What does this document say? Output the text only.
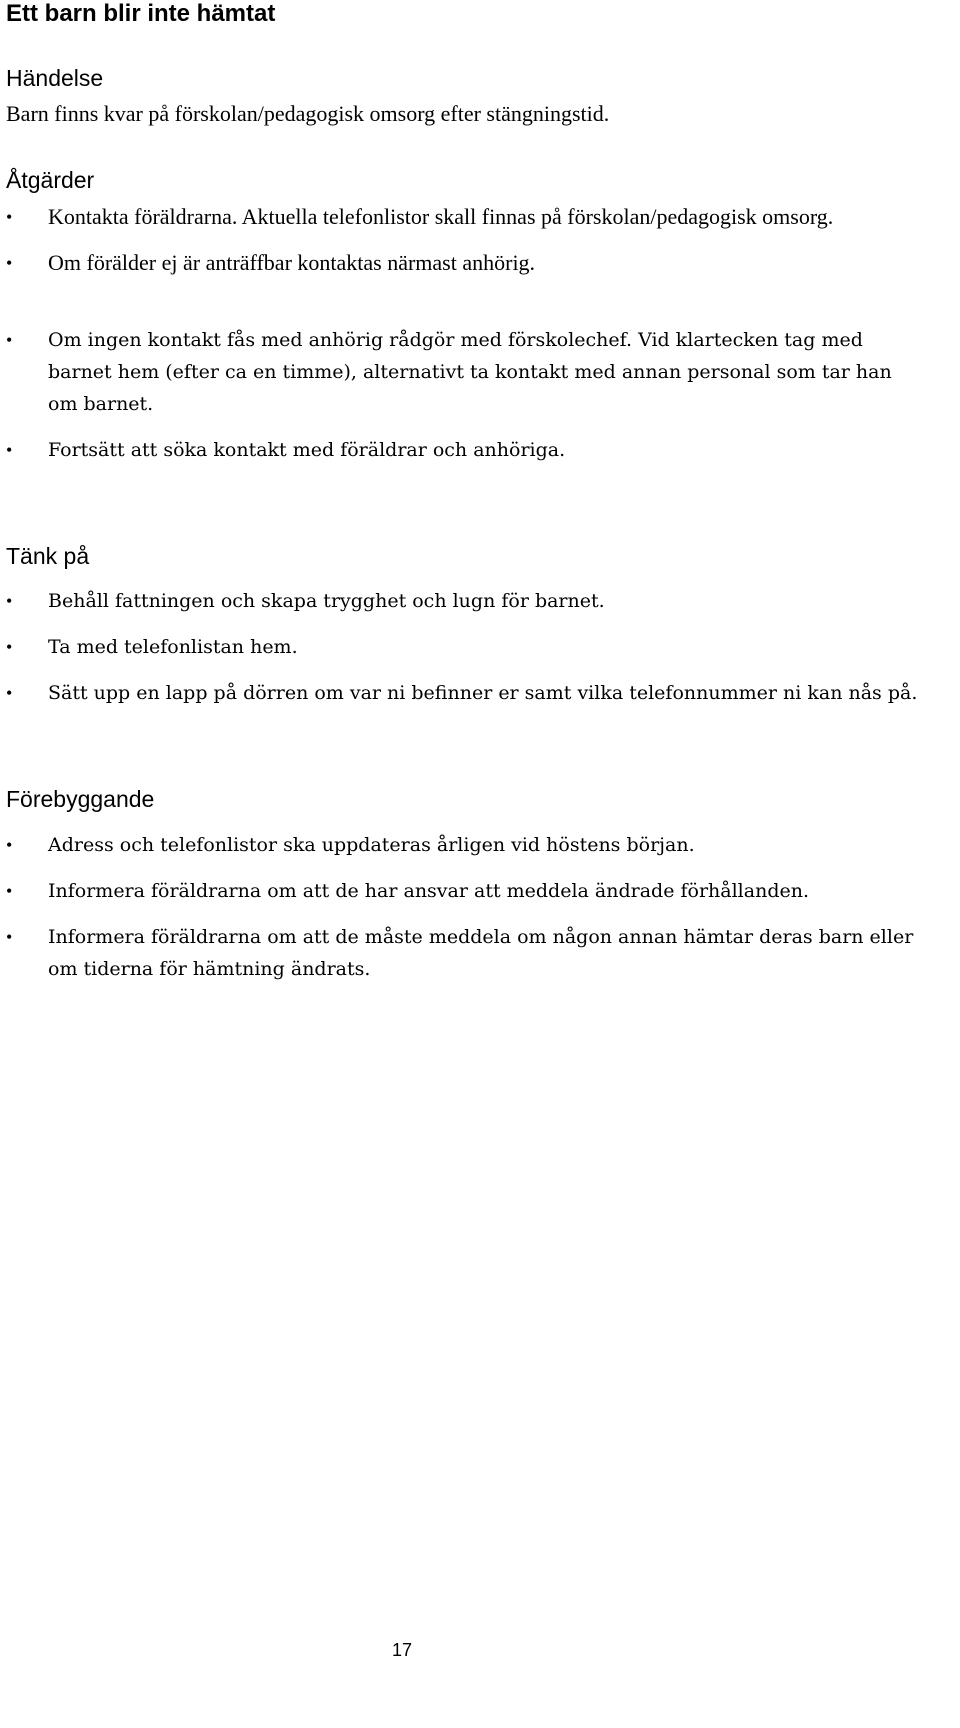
Ett barn blir inte hämtat
Händelse

Barn finns kvar på förskolan/pedagogisk omsorg efter stängningstid.

Åtgärder
• Kontakta föräldrarna. Aktuella telefonlistor skall finnas på förskolan/pedagogisk omsorg.
• Om förälder ej är anträffbar kontaktas närmast anhörig.
• Om ingen kontakt fås med anhörig rådgör med förskolechef. Vid klartecken tag med barnet hem (efter ca en timme), alternativt ta kontakt med annan personal som tar han om barnet.
• Fortsätt att söka kontakt med föräldrar och anhöriga.
Tänk på
• Behåll fattningen och skapa trygghet och lugn för barnet.
• Ta med telefonlistan hem.
• Sätt upp en lapp på dörren om var ni befinner er samt vilka telefonnummer ni kan nås på.
Förebyggande
• Adress och telefonlistor ska uppdateras årligen vid höstens början.
• Informera föräldrarna om att de har ansvar att meddela ändrade förhållanden.
• Informera föräldrarna om att de måste meddela om någon annan hämtar deras barn eller om tiderna för hämtning ändrats.
17
